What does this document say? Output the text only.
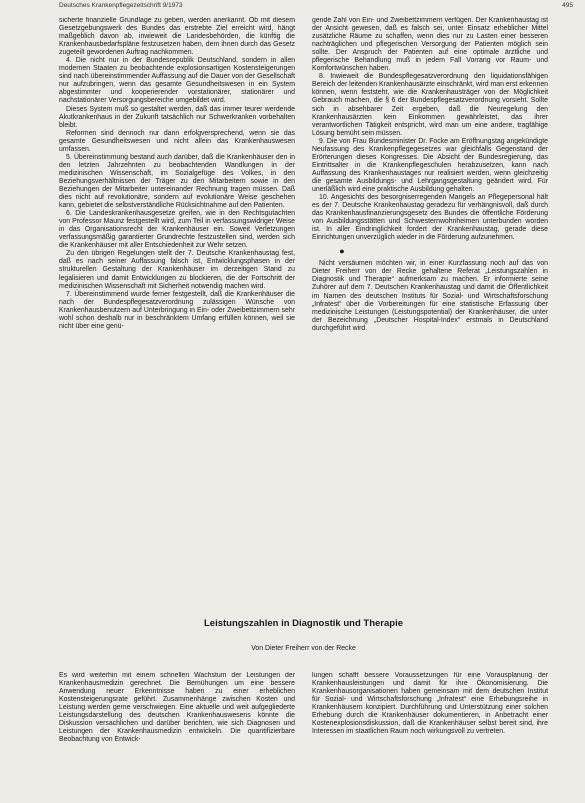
Deutsches Krankenpflegezeitschrift 9/1973	495

sicherte finanzielle Grundlage zu geben, werden anerkannt. Ob mit diesem Gesetzgebungswerk des Bundes das erstrebte Ziel erreicht wird, hängt maßgeblich davon ab, inwieweit die Landesbehörden, die künftig die Krankenhausbedarfspläne festzusetzen haben, dem ihnen durch das Gesetz zugeteilt gewordenen Auftrag nachkommen.

4. Die nicht nur in der Bundesrepublik Deutschland, sondern in allen modernen Staaten zu beobachtende explosionsartigen Kostensteigerungen sind nach übereinstimmender Auffassung auf die Dauer von der Gesellschaft nur aufzubringen, wenn das gesamte Gesundheitswesen in ein System abgestimmter und kooperierender vorstationärer, stationärer und nachstationärer Versorgungsbereiche umgebildet wird.

Dieses System muß so gestaltet werden, daß das immer teurer werdende Akutkrankenhaus in der Zukunft tatsächlich nur Schwerkranken vorbehalten bleibt.

Reformen sind dennoch nur dann erfolgversprechend, wenn sie das gesamte Gesundheitswesen und nicht allein das Krankenhauswesen umfassen.

5. Übereinstimmung bestand auch darüber, daß die Krankenhäuser den in den letzten Jahrzehnten zu beobachtenden Wandlungen in der medizinischen Wissenschaft, im Sozialgefüge des Volkes, in den Beziehungsverhältnissen der Träger zu den Mitarbeitern sowie in den Beziehungen der Mitarbeiter untereinander Rechnung tragen müssen. Daß dies nicht auf revolutionäre, sondern auf evolutionäre Weise geschehen kann, gebietet die selbstverständliche Rücksichtnahme auf den Patienten.

6. Die Landeskrankenhausgesetze greifen, wie in den Rechtsgutachten von Professor Maunz festgestellt wird, zum Teil in verfassungswidriger Weise in das Organisationsrecht der Krankenhäuser ein. Soweit Verletzungen verfassungsmäßig garantierter Grundrechte festzustellen sind, werden sich die Krankenhäuser mit aller Entschiedenheit zur Wehr setzen.

Zu den übrigen Regelungen stellt der 7. Deutsche Krankenhaustag fest, daß es nach seiner Auffassung falsch ist, Entwicklungsphasen in der strukturellen Gestaltung der Krankenhäuser im derzeitigen Stand zu legalisieren und damit Entwicklungen zu blockieren, die der Fortschritt der medizinischen Wissenschaft mit Sicherheit notwendig machen wird.

7. Übereinstimmend wurde ferner festgestellt, daß die Krankenhäuser die nach der Bundespflegesatzverordnung zulässigen Wünsche von Krankenhausbenutzern auf Unterbringung in Ein- oder Zweibettzimmern sehr wohl schon deshalb nur in beschränktem Umfang erfüllen können, weil sie nicht über eine genü-

gende Zahl von Ein- und Zweibettzimmern verfügen. Der Krankenhaustag ist der Ansicht gewesen, daß es falsch sei, unter Einsatz erheblicher Mittel zusätzliche Räume zu schaffen, wenn dies nur zu Lasten einer besseren nachträglichen und pflegerischen Versorgung der Patienten möglich sein sollte. Der Anspruch der Patienten auf eine optimale ärztliche und pflegerische Behandlung muß in jedem Fall Vorrang vor Raum- und Komfortwünschen haben.

8. Inwieweit die Bundespflegesatzverordnung den liquidationsfähigen Bereich der leitenden Krankenhausärzte einschränkt, wird man erst erkennen können, wenn feststeht, wie die Krankenhausträger von der Möglichkeit Gebrauch machen, die § 6 der Bundespflegesatzverordnung vorsieht. Sollte sich in absehbarer Zeit ergeben, daß die Neuregelung den Krankenhausärzten kein Einkommen gewährleistet, das ihrer verantwortlichen Tätigkeit entspricht, wird man um eine andere, tragfähige Lösung bemüht sein müssen.

9. Die von Frau Bundesminister Dr. Focke am Eröffnungstag angekündigte Neufassung des Krankenpflegegesetzes war gleichfalls Gegenstand der Erörterungen dieses Kongresses. Die Absicht der Bundesregierung, das Eintrittsalter in die Krankenpflegeschulen herabzusetzen, kann nach Auffassung des Krankenhaustages nur realisiert werden, wenn gleichzeitig die gesamte Ausbildungs- und Lehrgangsgestaltung geändert wird. Für unerläßlich wird eine praktische Ausbildung gehalten.

10. Angesichts des besorgniserregenden Mangels an Pflegepersonal hält es der 7. Deutsche Krankenhaustag geradezu für verhängnisvoll, daß durch das Krankenhausfinanzierungsgesetz des Bundes die öffentliche Förderung von Ausbildungsstätten und Schwesternwohnheimen unterbunden worden ist. In aller Eindringlichkeit fordert der Krankenhaustag, gerade diese Einrichtungen unverzüglich wieder in die Förderung aufzunehmen.

●

Nicht versäumen möchten wir, in einer Kurzfassung noch auf das von Dieter Freiherr von der Recke gehaltene Referat „Leistungszahlen in Diagnostik und Therapie“ aufmerksam zu machen. Er informierte seine Zuhörer auf dem 7. Deutschen Krankenhaustag und damit die Öffentlichkeit im Namen des deutschen Instituts für Sozial- und Wirtschaftsforschung „Infratest“ über die Vorbereitungen für eine statistische Erfassung über medizinische Leistungen (Leistungspotential) der Krankenhäuser, die unter der Bezeichnung „Deutscher Hospital-Index“ erstmals in Deutschland durchgeführt wird.

Leistungszahlen in Diagnostik und Therapie
Von Dieter Freiherr von der Recke

Es wird weiterhin mit einem schnellen Wachstum der Leistungen der Krankenhausmedizin gerechnet. Die Bemühungen um eine bessere Anwendung neuer Erkenntnisse haben zu einer erheblichen Kostensteigerungsrate geführt. Zusammenhänge zwischen Kosten und Leistung werden gerne verschwiegen. Eine aktuelle und weit aufgegliederte Leistungsdarstellung des deutschen Krankenhauswesens könnte die Diskussion versachlichen und darüber berichten, wie sich Diagnosen und Leistungen der Krankenhausmedizin entwickeln. Die quantifizierbare Beobachtung von Entwick-

lungen schafft bessere Voraussetzungen für eine Vorausplanung der Krankenhausleistungen und damit für ihre Ökonomisierung. Die Krankenhausorganisationen haben gemeinsam mit dem deutschen Institut für Sozial- und Wirtschaftsforschung „Infratest“ eine Erhebungsreihe in Krankenhäusern konzipiert. Durchführung und Unterstützung einer solchen Erhebung durch die Krankenhäuser dokumentieren, in Anbetracht einer Kostenexplosionsdiskussion, daß die Krankenhäuser selbst bereit sind, ihre Interessen im staatlichen Raum noch wirkungsvoll zu vertreten.
